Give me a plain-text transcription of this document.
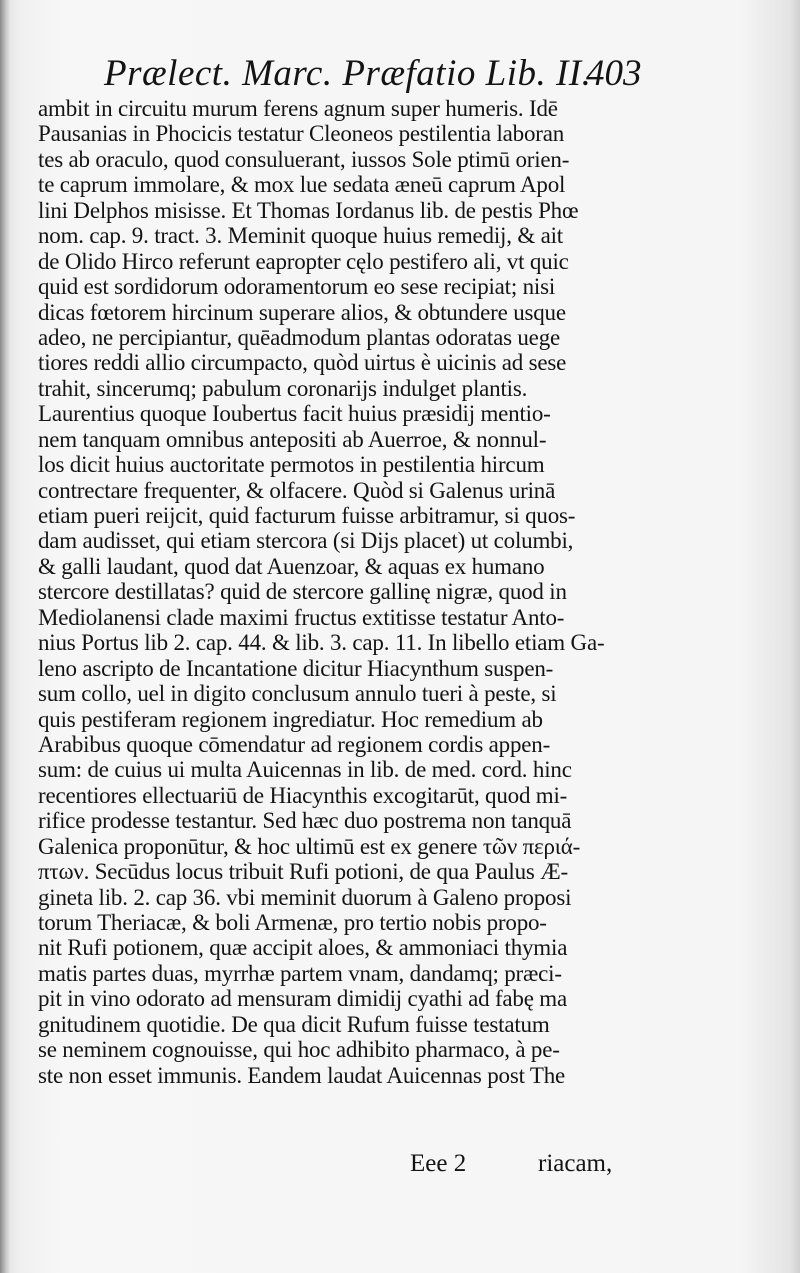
Prælect. Marc. Præfatio Lib. II.
403
ambit in circuitu murum ferens agnum super humeris. Idē
Pausanias in Phocicis testatur Cleoneos pestilentia laboran
tes ab oraculo, quod consuluerant, iussos Sole ptimū orien-
te caprum immolare, & mox lue sedata æneū caprum Apol
lini Delphos misisse. Et Thomas Iordanus lib. de pestis Phœ
nom. cap. 9. tract. 3. Meminit quoque huius remedij, & ait
de Olido Hirco referunt eapropter cęlo pestifero ali, vt quic
quid est sordidorum odoramentorum eo sese recipiat; nisi
dicas fœtorem hircinum superare alios, & obtundere usque
adeo, ne percipiantur, quēadmodum plantas odoratas uege
tiores reddi allio circumpacto, quòd uirtus è uicinis ad sese
trahit, sincerumq; pabulum coronarijs indulget plantis.
Laurentius quoque Ioubertus facit huius præsidij mentio-
nem tanquam omnibus antepositi ab Auerroe, & nonnul-
los dicit huius auctoritate permotos in pestilentia hircum
contrectare frequenter, & olfacere. Quòd si Galenus urinā
etiam pueri reijcit, quid facturum fuisse arbitramur, si quos-
dam audisset, qui etiam stercora (si Dijs placet) ut columbi,
& galli laudant, quod dat Auenzoar, & aquas ex humano
stercore destillatas? quid de stercore gallinę nigræ, quod in
Mediolanensi clade maximi fructus extitisse testatur Anto-
nius Portus lib 2. cap. 44. & lib. 3. cap. 11. In libello etiam Ga-
leno ascripto de Incantatione dicitur Hiacynthum suspen-
sum collo, uel in digito conclusum annulo tueri à peste, si
quis pestiferam regionem ingrediatur. Hoc remedium ab
Arabibus quoque cōmendatur ad regionem cordis appen-
sum: de cuius ui multa Auicennas in lib. de med. cord. hinc
recentiores ellectuariū de Hiacynthis excogitarūt, quod mi-
rifice prodesse testantur. Sed hæc duo postrema non tanquā
Galenica proponūtur, & hoc ultimū est ex genere τῶν περιά-
πτων. Secūdus locus tribuit Rufi potioni, de qua Paulus Æ-
gineta lib. 2. cap 36. vbi meminit duorum à Galeno proposi
torum Theriacæ, & boli Armenæ, pro tertio nobis propo-
nit Rufi potionem, quæ accipit aloes, & ammoniaci thymia
matis partes duas, myrrhæ partem vnam, dandamq; præci-
pit in vino odorato ad mensuram dimidij cyathi ad fabę ma
gnitudinem quotidie. De qua dicit Rufum fuisse testatum
se neminem cognouisse, qui hoc adhibito pharmaco, à pe-
ste non esset immunis. Eandem laudat Auicennas post The
Eee 2	riacam,
